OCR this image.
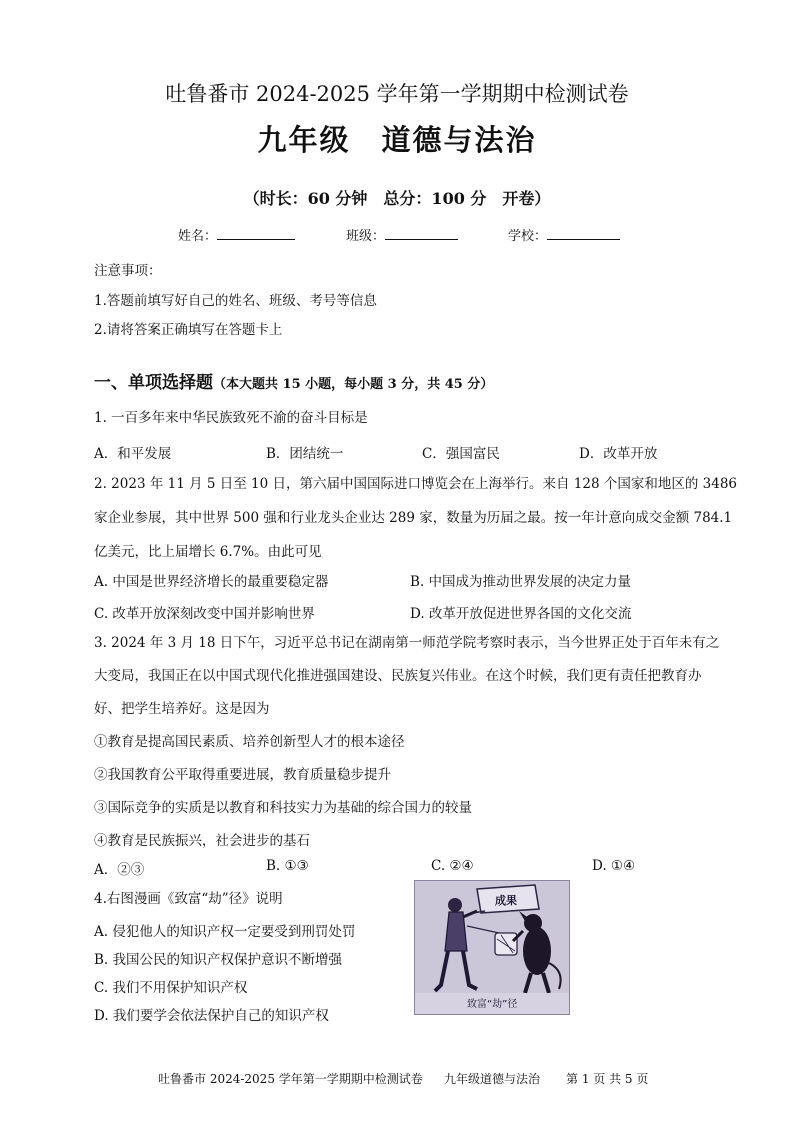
吐鲁番市 2024-2025 学年第一学期期中检测试卷
九年级　道德与法治
（时长：60 分钟　总分：100 分　开卷）
姓名：	班级：	学校：
注意事项：
1.答题前填写好自己的姓名、班级、考号等信息
2.请将答案正确填写在答题卡上
一、单项选择题（本大题共 15 小题，每小题 3 分，共 45 分）
1. 一百多年来中华民族致死不渝的奋斗目标是
A．和平发展	B．团结统一	C．强国富民	D．改革开放
2. 2023 年 11 月 5 日至 10 日，第六届中国国际进口博览会在上海举行。来自 128 个国家和地区的 3486
家企业参展，其中世界 500 强和行业龙头企业达 289 家，数量为历届之最。按一年计意向成交金额 784.1
亿美元，比上届增长 6.7%。由此可见
A. 中国是世界经济增长的最重要稳定器	B. 中国成为推动世界发展的决定力量
C. 改革开放深刻改变中国并影响世界	D. 改革开放促进世界各国的文化交流
3. 2024 年 3 月 18 日下午，习近平总书记在湖南第一师范学院考察时表示，当今世界正处于百年未有之
大变局，我国正在以中国式现代化推进强国建设、民族复兴伟业。在这个时候，我们更有责任把教育办
好、把学生培养好。这是因为
①教育是提高国民素质、培养创新型人才的根本途径
②我国教育公平取得重要进展，教育质量稳步提升
③国际竞争的实质是以教育和科技实力为基础的综合国力的较量
④教育是民族振兴，社会进步的基石
A．②③	B. ①③	C. ②④	D. ①④
4.右图漫画《致富“劫”径》说明
A. 侵犯他人的知识产权一定要受到刑罚处罚
B. 我国公民的知识产权保护意识不断增强
C. 我们不用保护知识产权
D. 我们要学会依法保护自己的知识产权
成果
致富“劫”径
吐鲁番市 2024-2025 学年第一学期期中检测试卷 九年级道德与法治 第 1 页 共 5 页
